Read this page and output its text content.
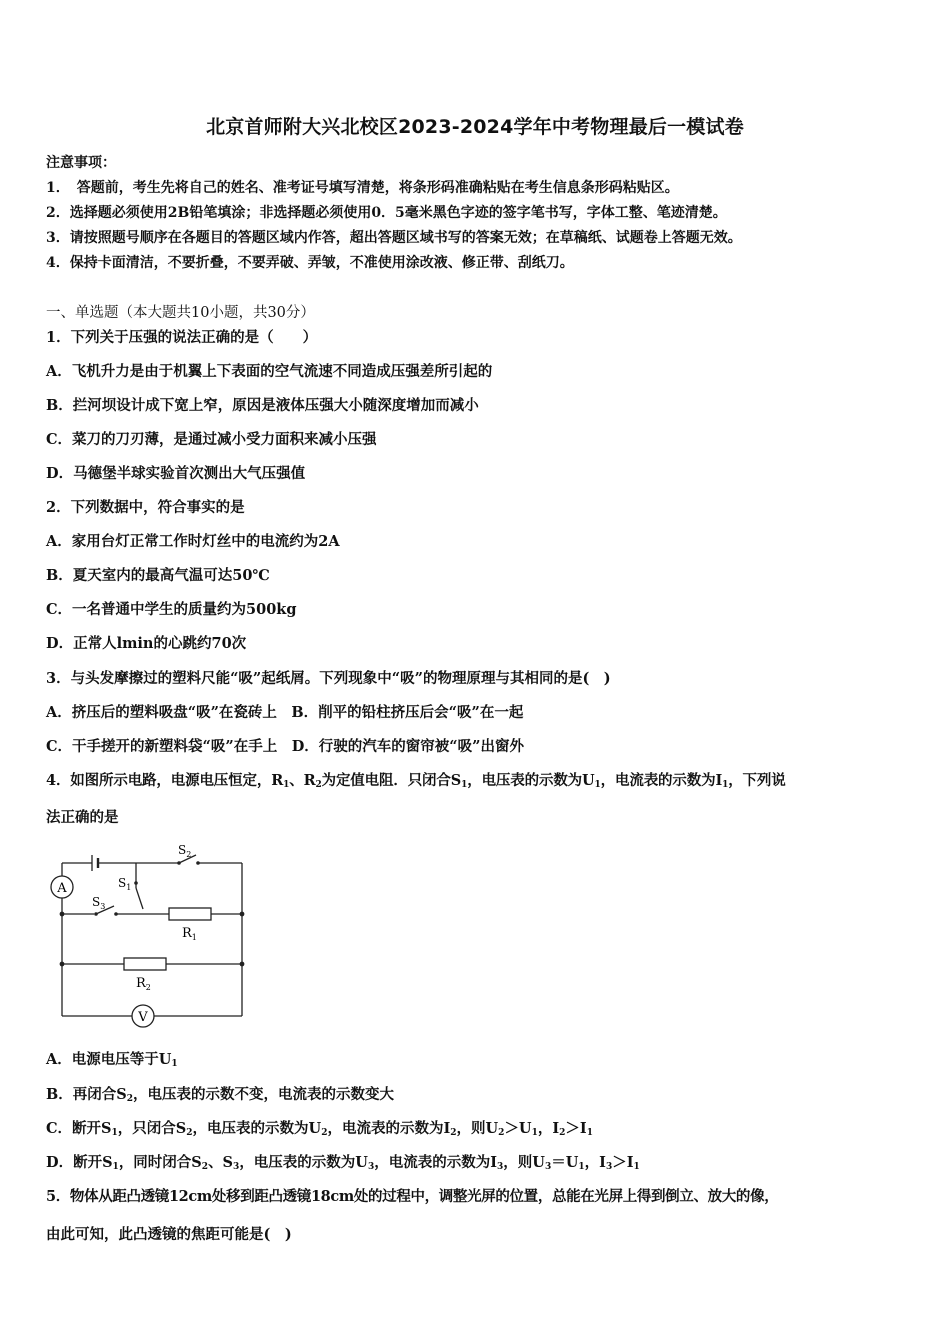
北京首师附大兴北校区2023-2024学年中考物理最后一模试卷
注意事项：
1．　答题前，考生先将自己的姓名、准考证号填写清楚，将条形码准确粘贴在考生信息条形码粘贴区。
2．选择题必须使用2B铅笔填涂；非选择题必须使用0．5毫米黑色字迹的签字笔书写，字体工整、笔迹清楚。
3．请按照题号顺序在各题目的答题区域内作答，超出答题区域书写的答案无效；在草稿纸、试题卷上答题无效。
4．保持卡面清洁，不要折叠，不要弄破、弄皱，不准使用涂改液、修正带、刮纸刀。
一、单选题（本大题共10小题，共30分）
1．下列关于压强的说法正确的是（　　）
A．飞机升力是由于机翼上下表面的空气流速不同造成压强差所引起的
B．拦河坝设计成下宽上窄，原因是液体压强大小随深度增加而减小
C．菜刀的刀刃薄，是通过减小受力面积来减小压强
D．马德堡半球实验首次测出大气压强值
2．下列数据中，符合事实的是
A．家用台灯正常工作时灯丝中的电流约为2A
B．夏天室内的最高气温可达50℃
C．一名普通中学生的质量约为500kg
D．正常人lmin的心跳约70次
3．与头发摩擦过的塑料尺能“吸”起纸屑。下列现象中“吸”的物理原理与其相同的是(　)
A．挤压后的塑料吸盘“吸”在瓷砖上　B．削平的铅柱挤压后会“吸”在一起
C．干手搓开的新塑料袋“吸”在手上　D．行驶的汽车的窗帘被“吸”出窗外
4．如图所示电路，电源电压恒定，$R_1$、$R_2$为定值电阻．只闭合$S_1$，电压表的示数为$U_1$，电流表的示数为$I_1$，下列说
法正确的是
A
V
$S_2$
$S_1$
$S_3$
$R_1$
$R_2$
A．电源电压等于$U_1$
B．再闭合$S_2$，电压表的示数不变，电流表的示数变大
C．断开$S_1$，只闭合$S_2$，电压表的示数为$U_2$，电流表的示数为$I_2$，则$U_2>U_1$，$I_2>I_1$
D．断开$S_1$，同时闭合$S_2$、$S_3$，电压表的示数为$U_3$，电流表的示数为$I_3$，则$U_3=U_1$，$I_3>I_1$
5．物体从距凸透镜12cm处移到距凸透镜18cm处的过程中，调整光屏的位置，总能在光屏上得到倒立、放大的像，
由此可知，此凸透镜的焦距可能是(　)
